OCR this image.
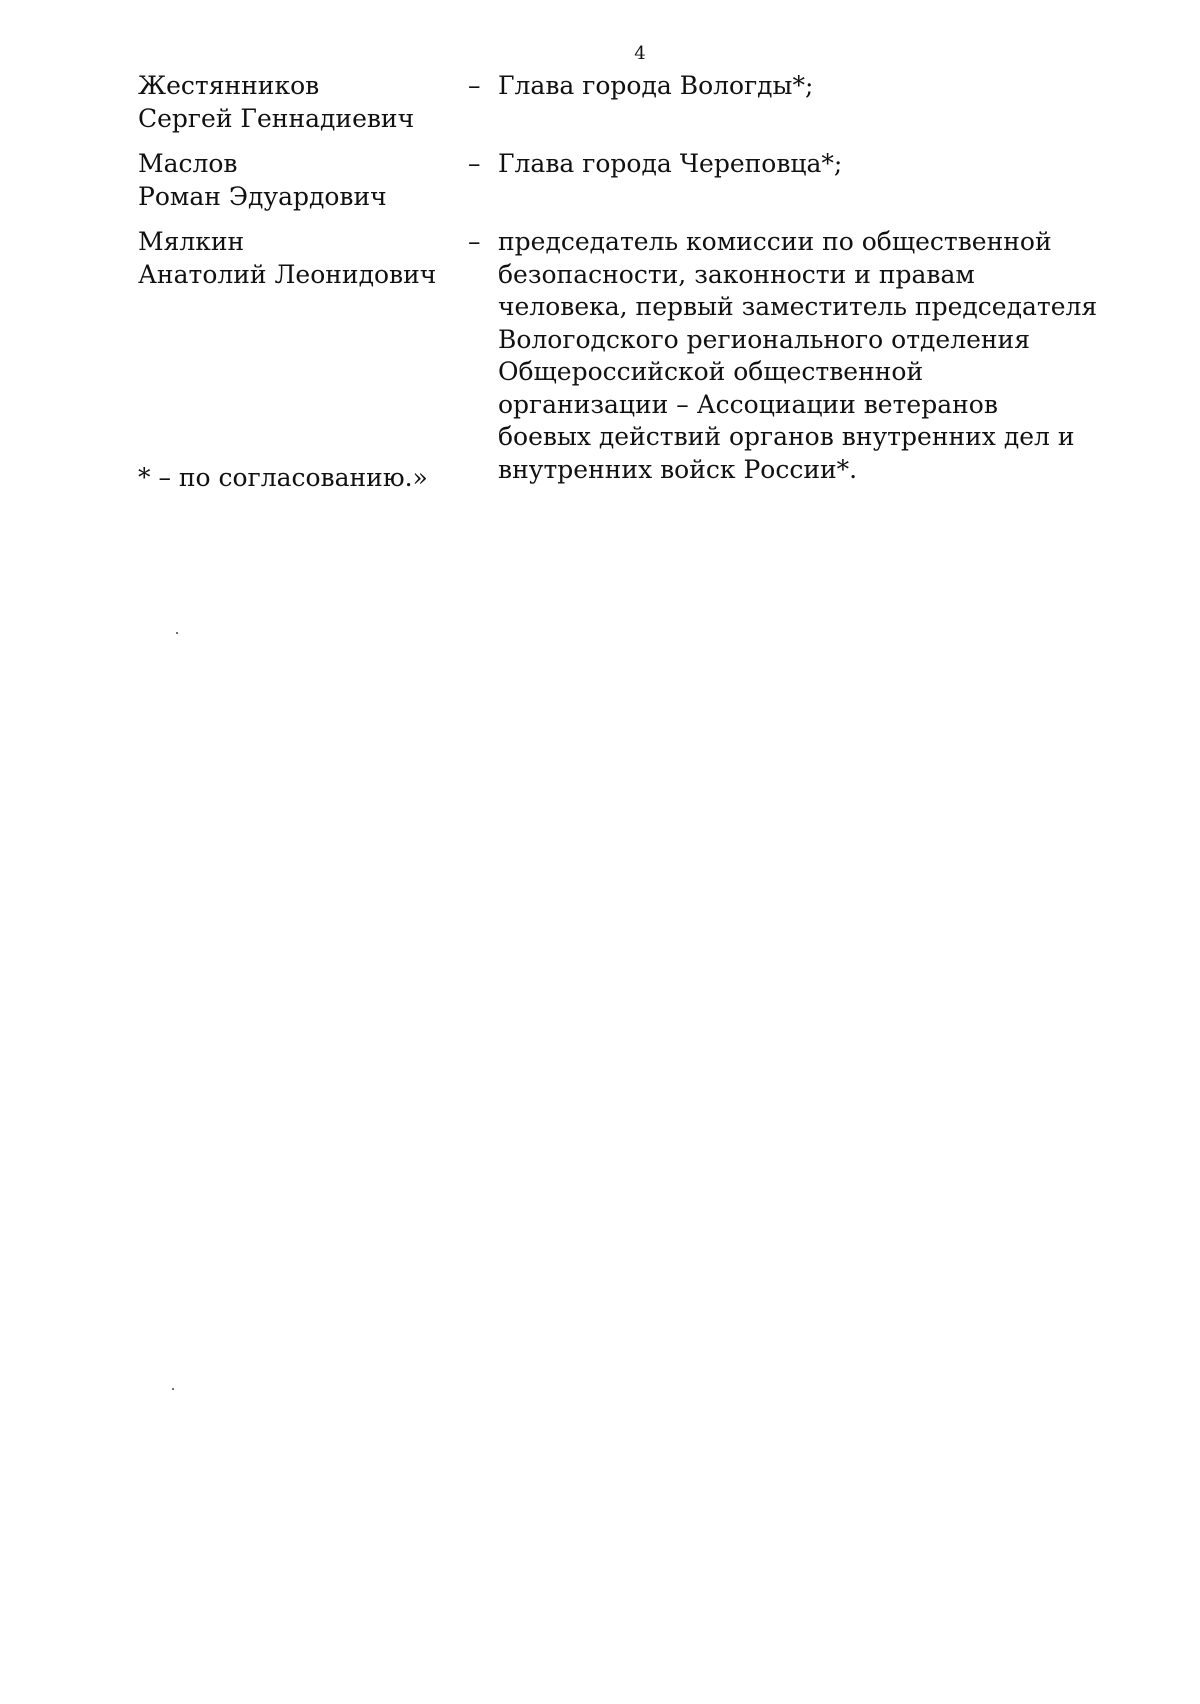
4
Жестянников
Сергей Геннадиевич
– Глава города Вологды*;
Маслов
Роман Эдуардович
– Глава города Череповца*;
Мялкин
Анатолий Леонидович
– председатель комиссии по общественной безопасности, законности и правам человека, первый заместитель председателя Вологодского регионального отделения Общероссийской общественной организации – Ассоциации ветеранов боевых действий органов внутренних дел и внутренних войск России*.
* – по согласованию.»
